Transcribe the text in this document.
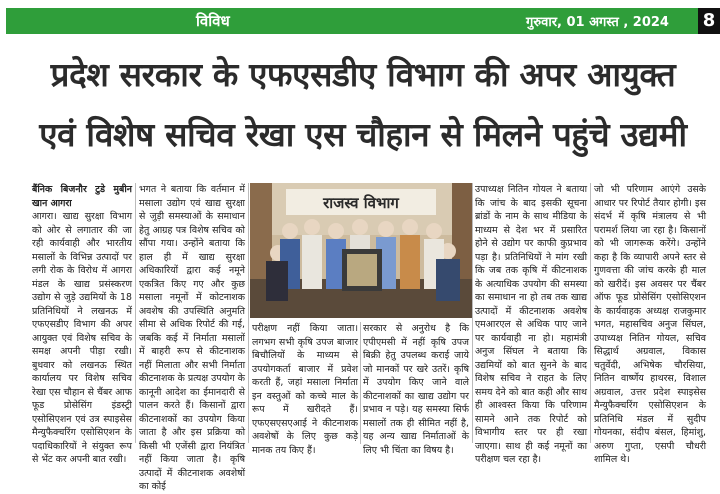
विविध	गुरुवार, 01 अगस्त , 2024 8
प्रदेश सरकार के एफएसडीए विभाग की अपर आयुक्त
एवं विशेष सचिव रेखा एस चौहान से मिलने पहुंचे उद्यमी

बैंनिक बिजनौर टुडे मुबीन खान आगरा

आगरा। खाद्य सुरक्षा विभाग को ओर से लगातार की जा रही कार्यवाही और भारतीय मसालों के विभिन्न उत्पादों पर लगी रोक के विरोध में आगरा मंडल के खाद्य प्रसंस्करण उद्योग से जुड़े उद्यमियों के 18 प्रतिनिधियों ने लखनऊ में एफएसडीए विभाग की अपर आयुक्त एवं विशेष सचिव के समक्ष अपनी पीड़ा रखी। बुधवार को लखनऊ स्थित कार्यालय पर विशेष सचिव रेखा एस चौहान से चैंबर आफ फूड प्रोसेसिंग इंडस्ट्री एसोसिएशन एवं उत्र स्पाइसेस मैन्युफैक्चरिंग एसोसिएशन के पदाधिकारियों ने संयुक्त रूप से भेंट कर अपनी बात रखी।

भगत ने बताया कि वर्तमान में मसाला उद्योग एवं खाद्य सुरक्षा से जुड़ी समस्याओं के समाधान हेतु आग्रह पत्र विशेष सचिव को सौंपा गया। उन्होंने बताया कि हाल ही में खाद्य सुरक्षा अधिकारियों द्वारा कई नमूने एकत्रित किए गए और कुछ मसाला नमूनों में कोटनाशक अवशेष की उपस्थिति अनुमति सीमा से अधिक रिपोर्ट की गई, जबकि कई में निर्माता मसालों में बाहरी रूप से कीटनाशक नहीं मिलाता और सभी निर्माता कीटनाशक के प्रत्यक्ष उपयोग के कानूनी आदेश का ईमानदारी से पालन करते हैं। किसानों द्वारा कीटनाशकों का उपयोग किया जाता है और इस प्रक्रिया को किसी भी एजेंसी द्वारा नियंत्रित नहीं किया जाता है। कृषि उत्पादों में कीटनाशक अवशेषों का कोई

राजस्व विभाग

परीक्षण नहीं किया जाता। लगभग सभी कृषि उपज बाजार बिचौलियों के माध्यम से उपयोगकर्ता बाजार में प्रवेश करती हैं, जहां मसाला निर्माता इन वस्तुओं को कच्चे माल के रूप में खरीदते हैं। एफएसएसएआई ने कीटनाशक अवशेषों के लिए कुछ कड़े मानक तय किए हैं।

सरकार से अनुरोध है कि एपीएमसी में नहीं कृषि उपज बिक्री हेतु उपलब्ध कराई जाये जो मानकों पर खरे उतरें। कृषि में उपयोग किए जाने वाले कीटनाशकों का खाद्य उद्योग पर प्रभाव न पड़े। यह समस्या सिर्फ मसालों तक ही सीमित नहीं है, यह अन्य खाद्य निर्माताओं के लिए भी चिंता का विषय है।

उपाध्यक्ष नितिन गोयल ने बताया कि जांच के बाद इसकी सूचना ब्रांडों के नाम के साथ मीडिया के माध्यम से देश भर में प्रसारित होने से उद्योग पर काफी कुप्रभाव पड़ा है। प्रतिनिधियों ने मांग रखी कि जब तक कृषि में कीटनाशक के अत्याधिक उपयोग की समस्या का समाधान ना हो तब तक खाद्य उत्पादों में कीटनाशक अवशेष एमआरएल से अधिक पाए जाने पर कार्यवाही ना हो। महामंत्री अनुज सिंघल ने बताया कि उद्यमियों को बात सुनने के बाद विशेष सचिव ने राहत के लिए समय देने को बात कही और साथ ही आश्वस्त किया कि परिणाम सामने आने तक रिपोर्ट को विभागीय स्तर पर ही रखा जाएगा। साथ ही कई नमूनों का परीक्षण चल रहा है।

जो भी परिणाम आएंगे उसके आधार पर रिपोर्ट तैयार होगी। इस संदर्भ में कृषि मंत्रालय से भी परामर्श लिया जा रहा है। किसानों को भी जागरूक करेंगे। उन्होंने कहा है कि व्यापारी अपने स्तर से गुणवत्ता की जांच करके ही माल को खरीदें। इस अवसर पर चैंबर ऑफ फूड प्रोसेसिंग एसोसिएशन के कार्यवाहक अध्यक्ष राजकुमार भगत, महासचिव अनुज सिंघल, उपाध्यक्ष नितिन गोयल, सचिव सिद्धार्थ अग्रवाल, विकास चतुर्वेदी, अभिषेक चौरसिया, नितिन वार्ष्णेय हाथरस, विशाल अग्रवाल, उत्तर प्रदेश स्पाइसेस मैन्युफैक्चरिंग एसोसिएशन के प्रतिनिधि मंडल में सुदीप गोयनका, संदीप बंसल, हिमांशु, अरुण गुप्ता, एसपी चौधरी शामिल थे।
